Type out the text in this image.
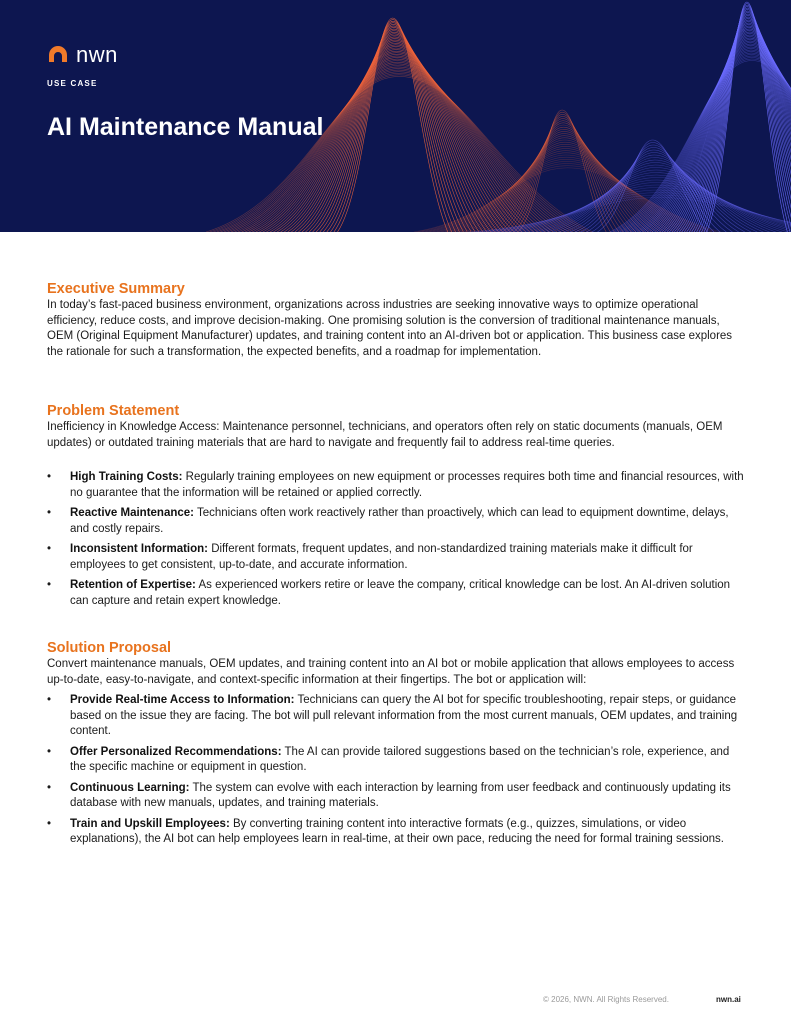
nwn
USE CASE
AI Maintenance Manual
Executive Summary

In today’s fast-paced business environment, organizations across industries are seeking innovative ways to optimize operational efficiency, reduce costs, and improve decision-making. One promising solution is the conversion of traditional maintenance manuals, OEM (Original Equipment Manufacturer) updates, and training content into an AI-driven bot or application. This business case explores the rationale for such a transformation, the expected benefits, and a roadmap for implementation.

Problem Statement

Inefficiency in Knowledge Access: Maintenance personnel, technicians, and operators often rely on static documents (manuals, OEM updates) or outdated training materials that are hard to navigate and frequently fail to address real-time queries.

• High Training Costs: Regularly training employees on new equipment or processes requires both time and financial resources, with no guarantee that the information will be retained or applied correctly.
• Reactive Maintenance: Technicians often work reactively rather than proactively, which can lead to equipment downtime, delays, and costly repairs.
• Inconsistent Information: Different formats, frequent updates, and non-standardized training materials make it difficult for employees to get consistent, up-to-date, and accurate information.
• Retention of Expertise: As experienced workers retire or leave the company, critical knowledge can be lost. An AI-driven solution can capture and retain expert knowledge.
Solution Proposal

Convert maintenance manuals, OEM updates, and training content into an AI bot or mobile application that allows employees to access up-to-date, easy-to-navigate, and context-specific information at their fingertips. The bot or application will:

• Provide Real-time Access to Information: Technicians can query the AI bot for specific troubleshooting, repair steps, or guidance based on the issue they are facing. The bot will pull relevant information from the most current manuals, OEM updates, and training content.
• Offer Personalized Recommendations: The AI can provide tailored suggestions based on the technician’s role, experience, and the specific machine or equipment in question.
• Continuous Learning: The system can evolve with each interaction by learning from user feedback and continuously updating its database with new manuals, updates, and training materials.
• Train and Upskill Employees: By converting training content into interactive formats (e.g., quizzes, simulations, or video explanations), the AI bot can help employees learn in real-time, at their own pace, reducing the need for formal training sessions.
© 2026, NWN. All Rights Reserved.	nwn.ai
